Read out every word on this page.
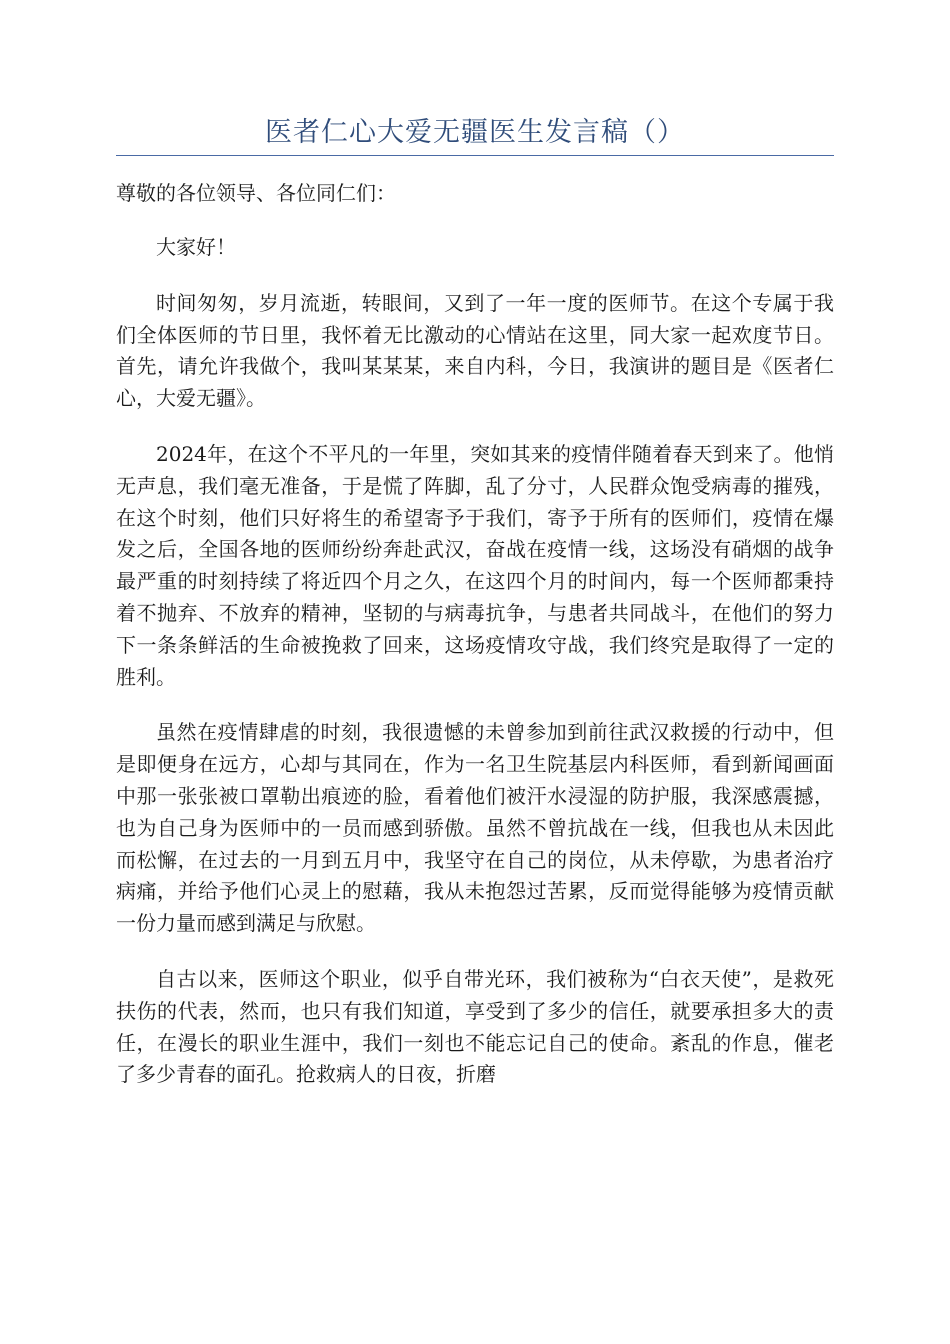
医者仁心大爱无疆医生发言稿（）
尊敬的各位领导、各位同仁们：

大家好！

时间匆匆，岁月流逝，转眼间，又到了一年一度的医师节。在这个专属于我们全体医师的节日里，我怀着无比激动的心情站在这里，同大家一起欢度节日。首先，请允许我做个，我叫某某某，来自内科，今日，我演讲的题目是《医者仁心，大爱无疆》。

2024年，在这个不平凡的一年里，突如其来的疫情伴随着春天到来了。他悄无声息，我们毫无准备，于是慌了阵脚，乱了分寸，人民群众饱受病毒的摧残，在这个时刻，他们只好将生的希望寄予于我们，寄予于所有的医师们，疫情在爆发之后，全国各地的医师纷纷奔赴武汉，奋战在疫情一线，这场没有硝烟的战争最严重的时刻持续了将近四个月之久，在这四个月的时间内，每一个医师都秉持着不抛弃、不放弃的精神，坚韧的与病毒抗争，与患者共同战斗，在他们的努力下一条条鲜活的生命被挽救了回来，这场疫情攻守战，我们终究是取得了一定的胜利。

虽然在疫情肆虐的时刻，我很遗憾的未曾参加到前往武汉救援的行动中，但是即便身在远方，心却与其同在，作为一名卫生院基层内科医师，看到新闻画面中那一张张被口罩勒出痕迹的脸，看着他们被汗水浸湿的防护服，我深感震撼，也为自己身为医师中的一员而感到骄傲。虽然不曾抗战在一线，但我也从未因此而松懈，在过去的一月到五月中，我坚守在自己的岗位，从未停歇，为患者治疗病痛，并给予他们心灵上的慰藉，我从未抱怨过苦累，反而觉得能够为疫情贡献一份力量而感到满足与欣慰。

自古以来，医师这个职业，似乎自带光环，我们被称为“白衣天使”，是救死扶伤的代表，然而，也只有我们知道，享受到了多少的信任，就要承担多大的责任，在漫长的职业生涯中，我们一刻也不能忘记自己的使命。紊乱的作息，催老了多少青春的面孔。抢救病人的日夜，折磨
